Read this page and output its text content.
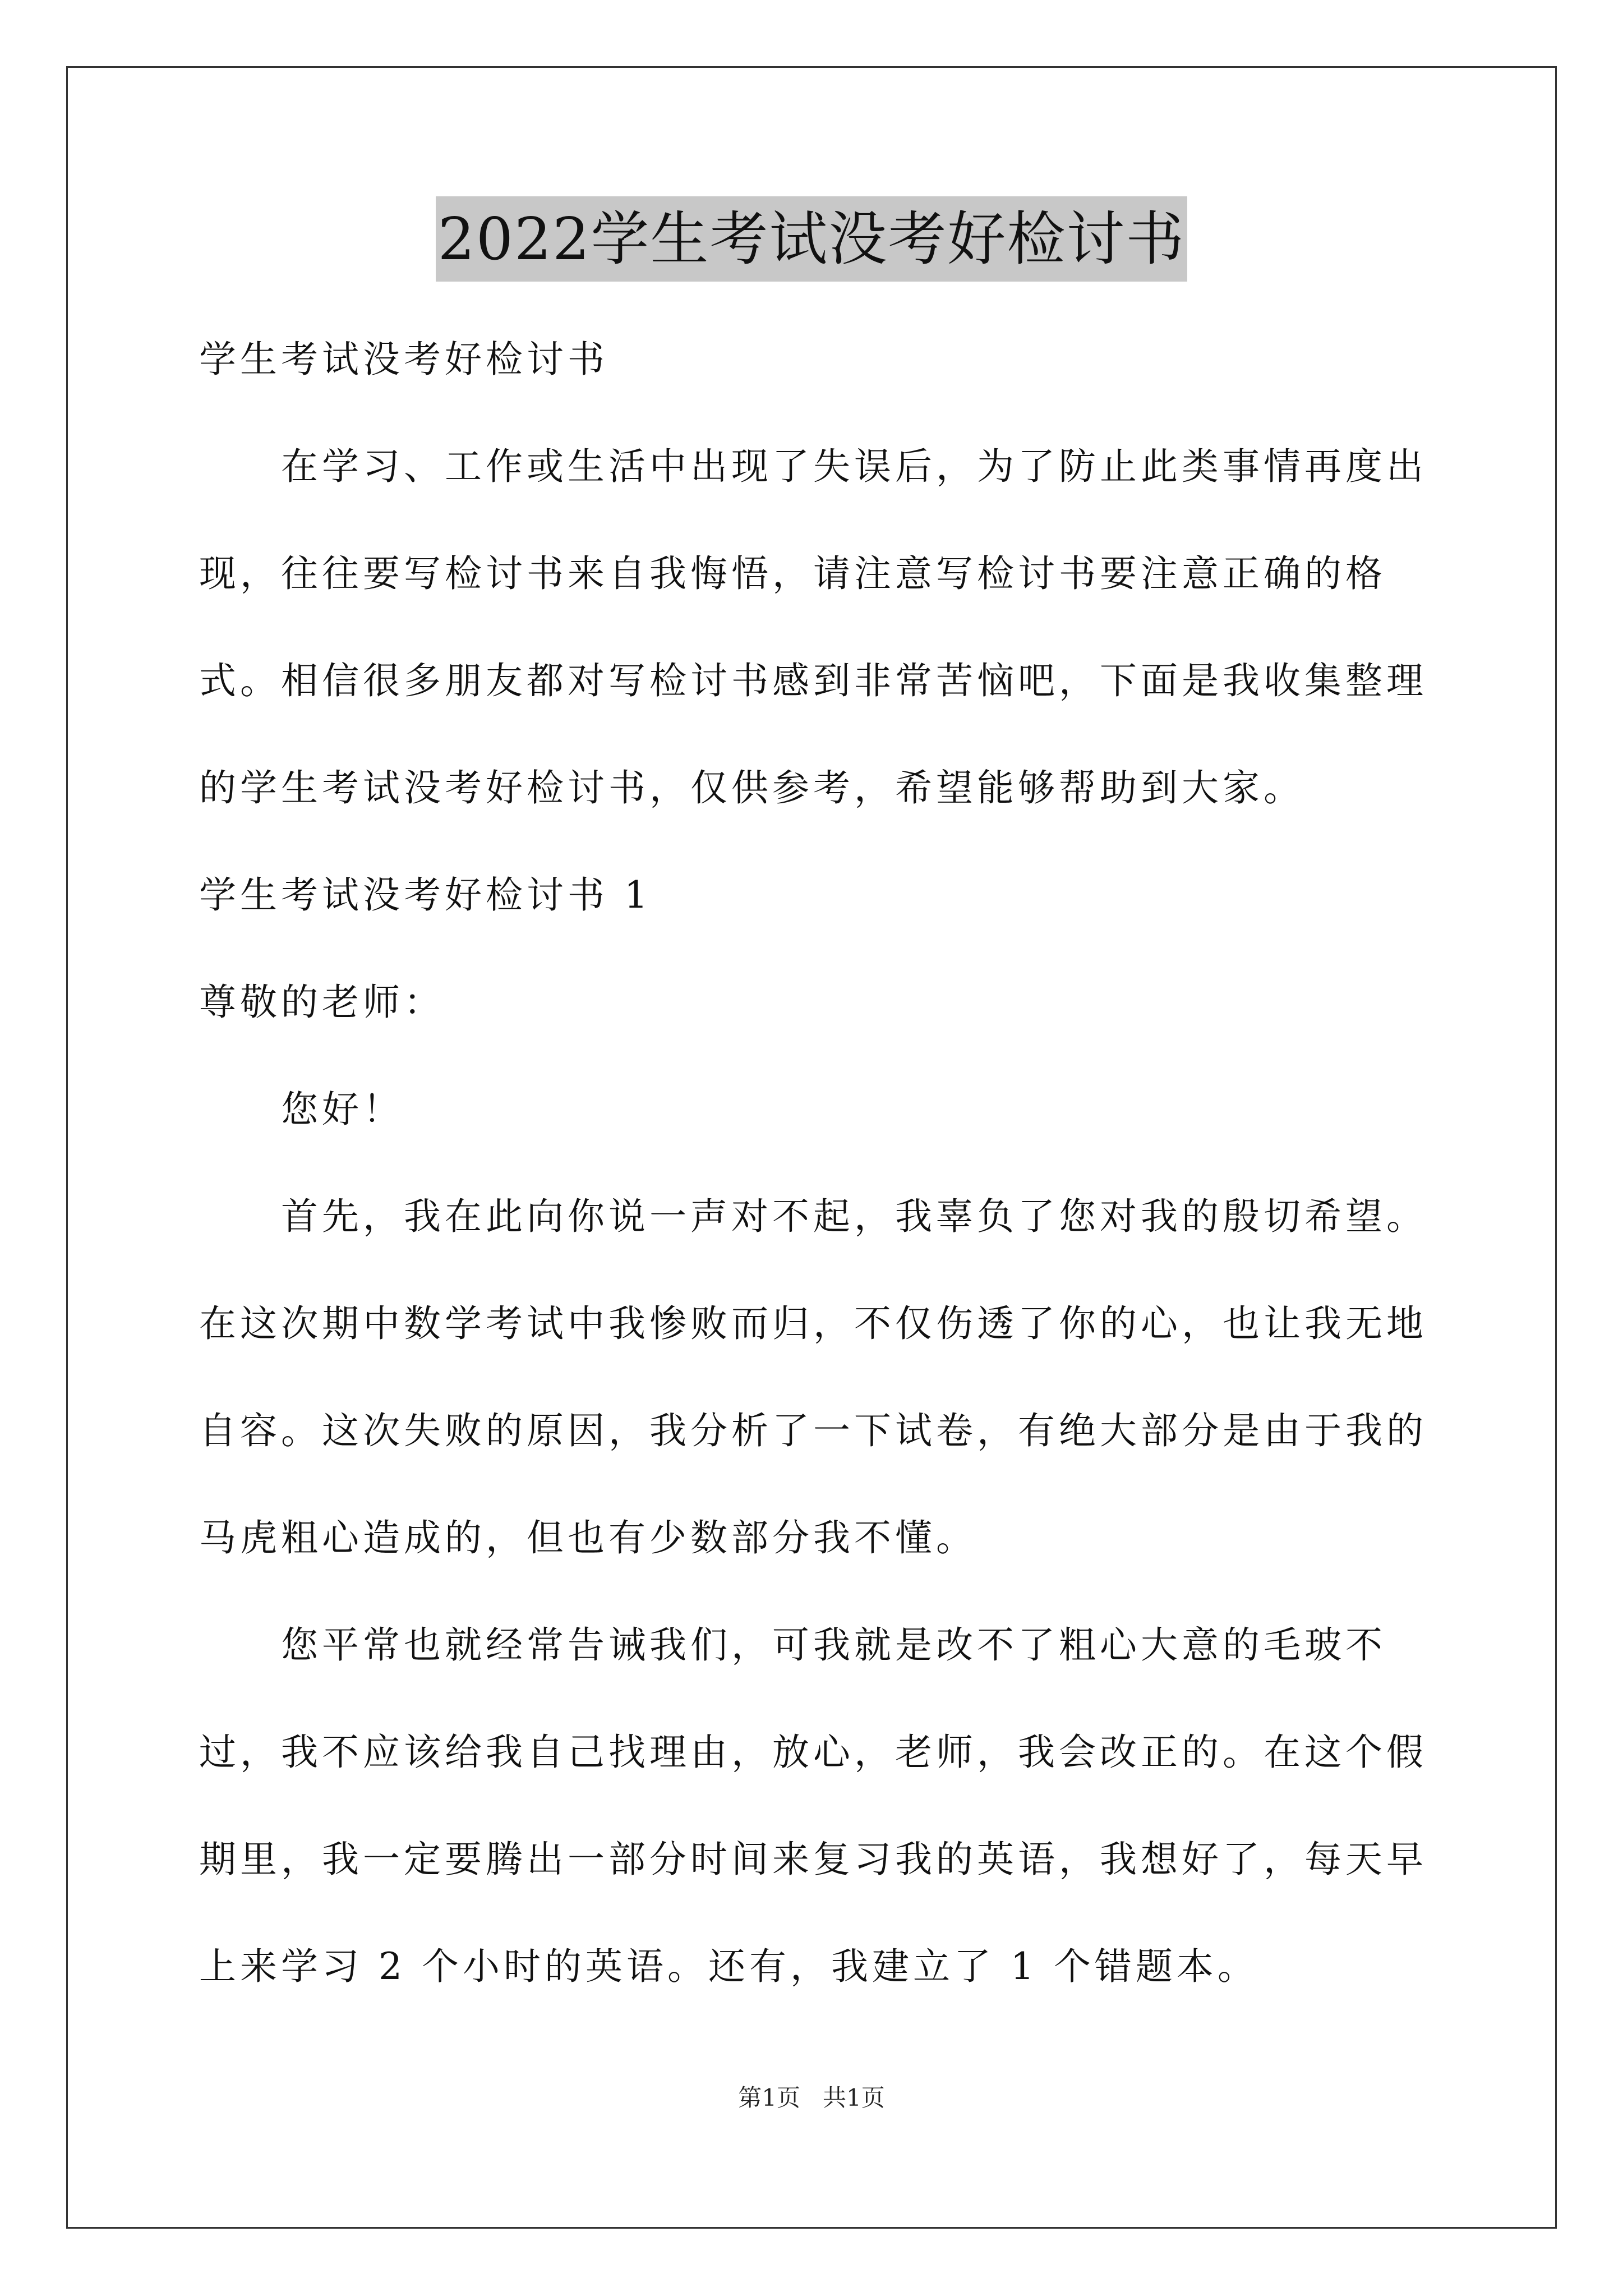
2022学生考试没考好检讨书

学生考试没考好检讨书

在学习、工作或生活中出现了失误后，为了防止此类事情再度出现，往往要写检讨书来自我悔悟，请注意写检讨书要注意正确的格式。相信很多朋友都对写检讨书感到非常苦恼吧，下面是我收集整理的学生考试没考好检讨书，仅供参考，希望能够帮助到大家。

学生考试没考好检讨书 1

尊敬的老师：

您好！

首先，我在此向你说一声对不起，我辜负了您对我的殷切希望。在这次期中数学考试中我惨败而归，不仅伤透了你的心，也让我无地自容。这次失败的原因，我分析了一下试卷，有绝大部分是由于我的马虎粗心造成的，但也有少数部分我不懂。

您平常也就经常告诫我们，可我就是改不了粗心大意的毛玻不过，我不应该给我自己找理由，放心，老师，我会改正的。在这个假期里，我一定要腾出一部分时间来复习我的英语，我想好了，每天早上来学习 2 个小时的英语。还有，我建立了 1 个错题本。

第1页 共1页
